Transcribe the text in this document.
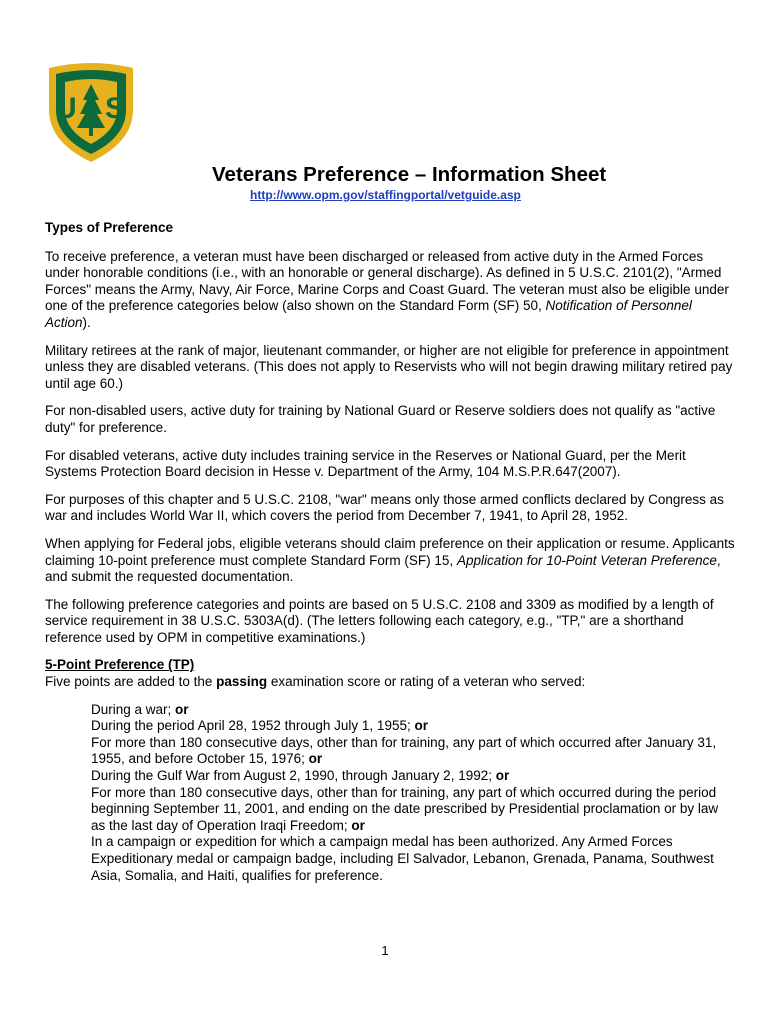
U S
Veterans Preference – Information Sheet
http://www.opm.gov/staffingportal/vetguide.asp

Types of Preference

To receive preference, a veteran must have been discharged or released from active duty in the Armed Forces under honorable conditions (i.e., with an honorable or general discharge). As defined in 5 U.S.C. 2101(2), "Armed Forces" means the Army, Navy, Air Force, Marine Corps and Coast Guard. The veteran must also be eligible under one of the preference categories below (also shown on the Standard Form (SF) 50, Notification of Personnel Action).

Military retirees at the rank of major, lieutenant commander, or higher are not eligible for preference in appointment unless they are disabled veterans. (This does not apply to Reservists who will not begin drawing military retired pay until age 60.)

For non-disabled users, active duty for training by National Guard or Reserve soldiers does not qualify as "active duty" for preference.

For disabled veterans, active duty includes training service in the Reserves or National Guard, per the Merit Systems Protection Board decision in Hesse v. Department of the Army, 104 M.S.P.R.647(2007).

For purposes of this chapter and 5 U.S.C. 2108, "war" means only those armed conflicts declared by Congress as war and includes World War II, which covers the period from December 7, 1941, to April 28, 1952.

When applying for Federal jobs, eligible veterans should claim preference on their application or resume. Applicants claiming 10-point preference must complete Standard Form (SF) 15, Application for 10-Point Veteran Preference, and submit the requested documentation.

The following preference categories and points are based on 5 U.S.C. 2108 and 3309 as modified by a length of service requirement in 38 U.S.C. 5303A(d). (The letters following each category, e.g., "TP," are a shorthand reference used by OPM in competitive examinations.)

5-Point Preference (TP)
Five points are added to the passing examination score or rating of a veteran who served:
During a war; or
During the period April 28, 1952 through July 1, 1955; or
For more than 180 consecutive days, other than for training, any part of which occurred after January 31, 1955, and before October 15, 1976; or
During the Gulf War from August 2, 1990, through January 2, 1992; or
For more than 180 consecutive days, other than for training, any part of which occurred during the period beginning September 11, 2001, and ending on the date prescribed by Presidential proclamation or by law as the last day of Operation Iraqi Freedom; or
In a campaign or expedition for which a campaign medal has been authorized. Any Armed Forces Expeditionary medal or campaign badge, including El Salvador, Lebanon, Grenada, Panama, Southwest Asia, Somalia, and Haiti, qualifies for preference.
1
